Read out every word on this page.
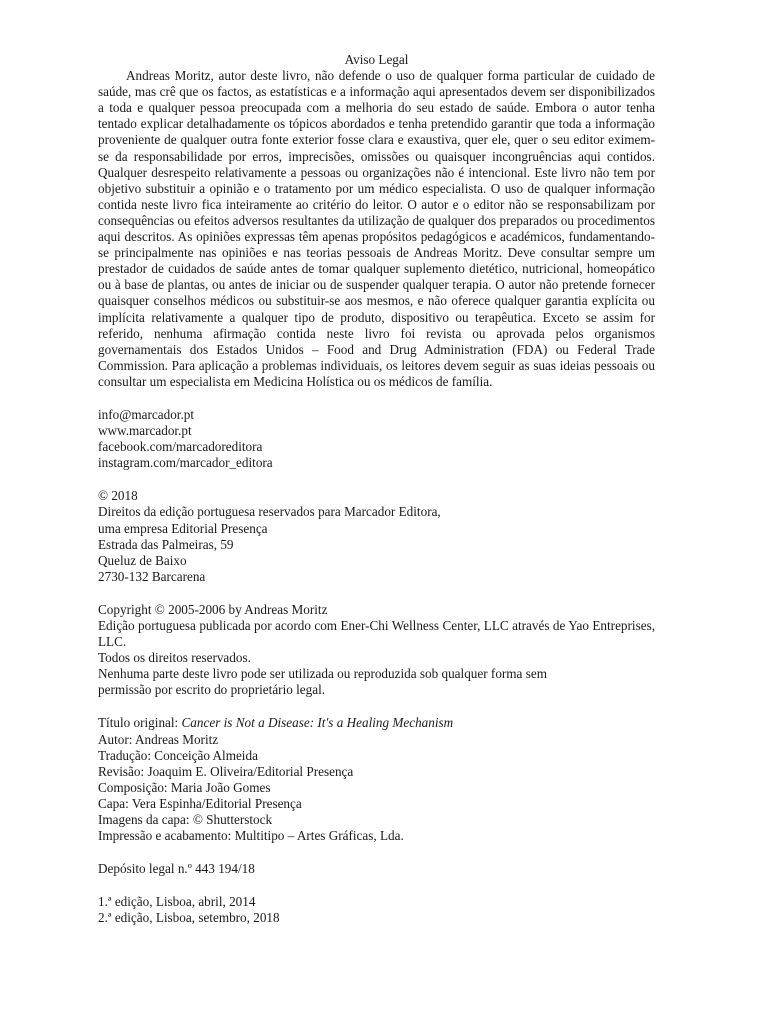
Aviso Legal

Andreas Moritz, autor deste livro, não defende o uso de qualquer forma particular de cuidado de saúde, mas crê que os factos, as estatísticas e a informação aqui apresentados devem ser disponibilizados a toda e qualquer pessoa preocupada com a melhoria do seu estado de saúde. Embora o autor tenha tentado explicar detalhadamente os tópicos abordados e tenha pretendido garantir que toda a informação proveniente de qualquer outra fonte exterior fosse clara e exaustiva, quer ele, quer o seu editor eximem-se da responsabilidade por erros, imprecisões, omissões ou quaisquer incongruências aqui contidos. Qualquer desrespeito relativamente a pessoas ou organizações não é intencional. Este livro não tem por objetivo substituir a opinião e o tratamento por um médico especialista. O uso de qualquer informação contida neste livro fica inteiramente ao critério do leitor. O autor e o editor não se responsabilizam por consequências ou efeitos adversos resultantes da utilização de qualquer dos preparados ou procedimentos aqui descritos. As opiniões expressas têm apenas propósitos pedagógicos e académicos, fundamentando-se principalmente nas opiniões e nas teorias pessoais de Andreas Moritz. Deve consultar sempre um prestador de cuidados de saúde antes de tomar qualquer suplemento dietético, nutricional, homeopático ou à base de plantas, ou antes de iniciar ou de suspender qualquer terapia. O autor não pretende fornecer quaisquer conselhos médicos ou substituir-se aos mesmos, e não oferece qualquer garantia explícita ou implícita relativamente a qualquer tipo de produto, dispositivo ou terapêutica. Exceto se assim for referido, nenhuma afirmação contida neste livro foi revista ou aprovada pelos organismos governamentais dos Estados Unidos – Food and Drug Administration (FDA) ou Federal Trade Commission. Para aplicação a problemas individuais, os leitores devem seguir as suas ideias pessoais ou consultar um especialista em Medicina Holística ou os médicos de família.

info@marcador.pt
www.marcador.pt
facebook.com/marcadoreditora
instagram.com/marcador_editora
© 2018
Direitos da edição portuguesa reservados para Marcador Editora,
uma empresa Editorial Presença
Estrada das Palmeiras, 59
Queluz de Baixo
2730-132 Barcarena
Copyright © 2005-2006 by Andreas Moritz
Edição portuguesa publicada por acordo com Ener-Chi Wellness Center, LLC através de Yao Entreprises, LLC.
Todos os direitos reservados.
Nenhuma parte deste livro pode ser utilizada ou reproduzida sob qualquer forma sem permissão por escrito do proprietário legal.
Título original: Cancer is Not a Disease: It's a Healing Mechanism
Autor: Andreas Moritz
Tradução: Conceição Almeida
Revisão: Joaquim E. Oliveira/Editorial Presença
Composição: Maria João Gomes
Capa: Vera Espinha/Editorial Presença
Imagens da capa: © Shutterstock
Impressão e acabamento: Multitipo – Artes Gráficas, Lda.
Depósito legal n.º 443 194/18
1.ª edição, Lisboa, abril, 2014
2.ª edição, Lisboa, setembro, 2018
